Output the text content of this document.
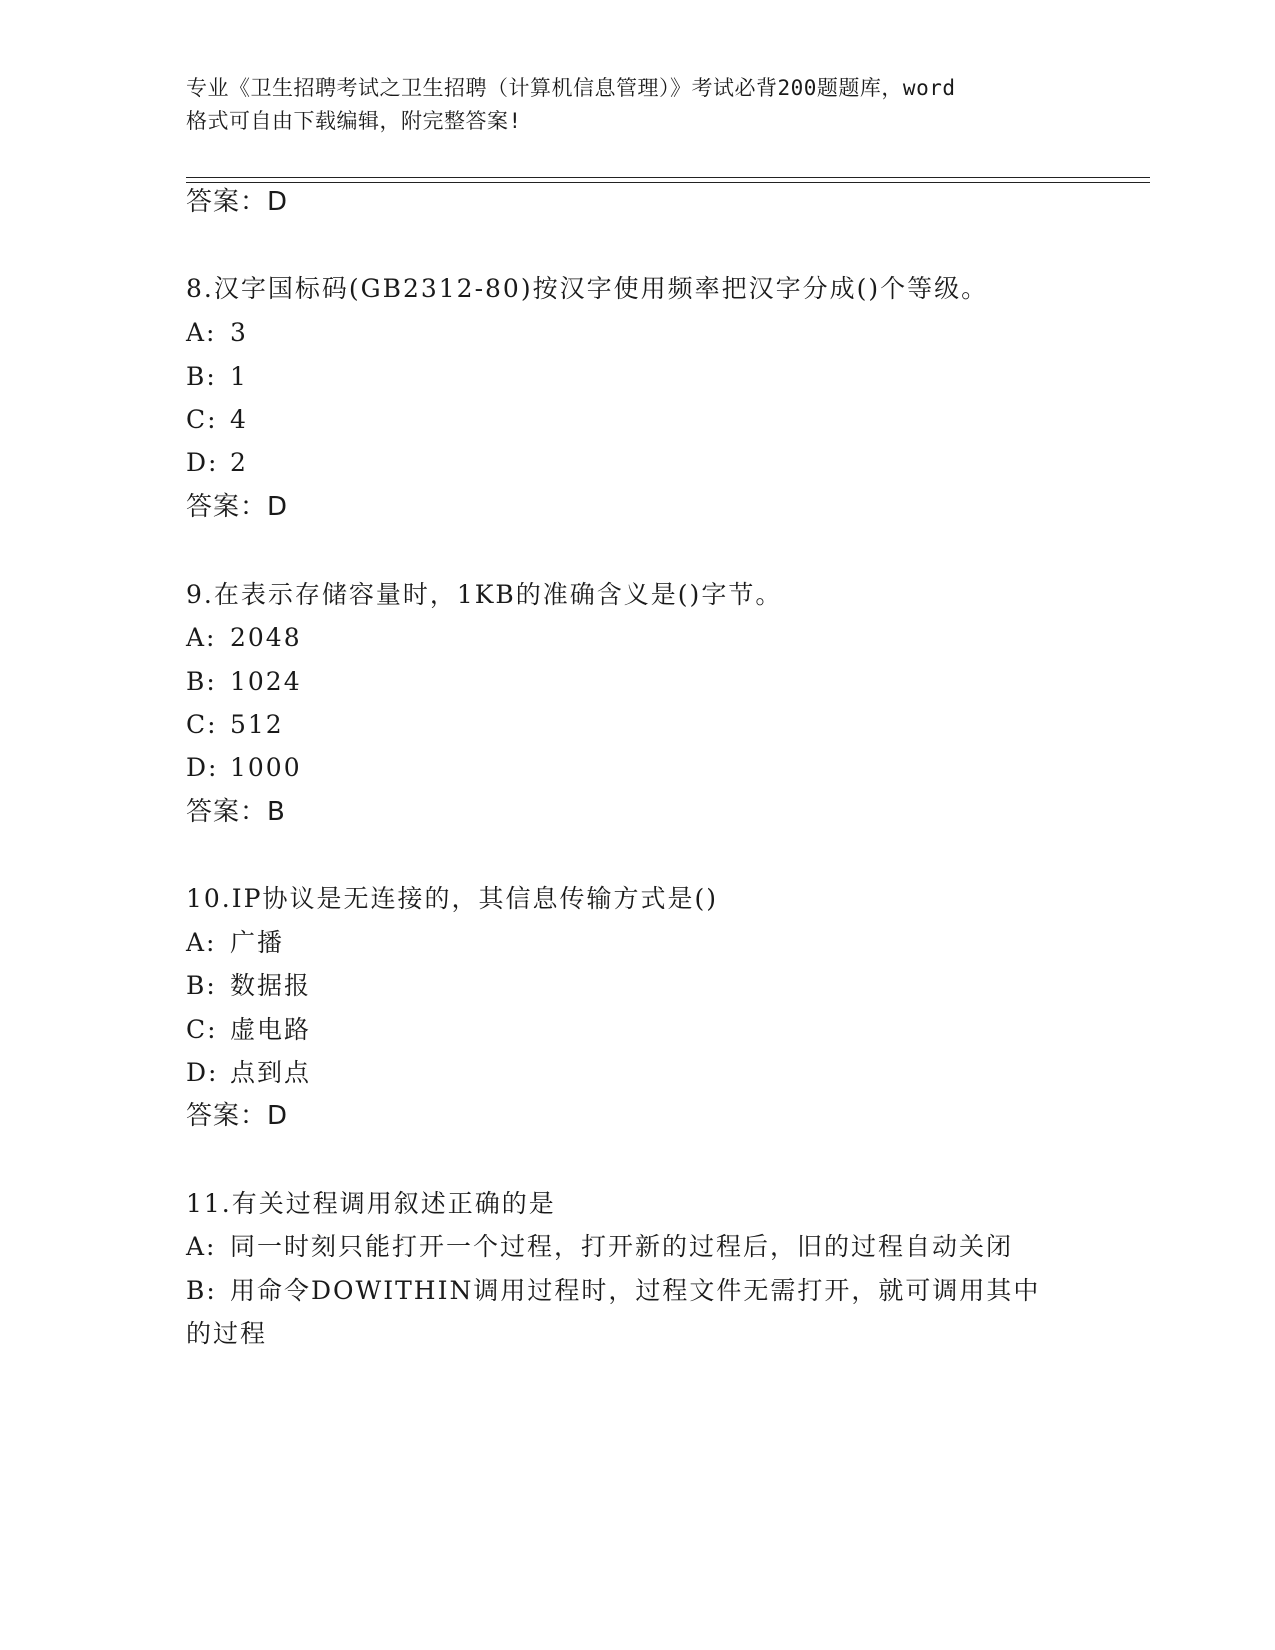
专业《卫生招聘考试之卫生招聘（计算机信息管理）》考试必背200题题库，word
格式可自由下载编辑，附完整答案!
答案：D
8.汉字国标码(GB2312-80)按汉字使用频率把汉字分成()个等级。
A: 3
B: 1
C: 4
D: 2
答案：D
9.在表示存储容量时，1KB的准确含义是()字节。
A: 2048
B: 1024
C: 512
D: 1000
答案：B
10.IP协议是无连接的，其信息传输方式是()
A: 广播
B: 数据报
C: 虚电路
D: 点到点
答案：D
11.有关过程调用叙述正确的是
A: 同一时刻只能打开一个过程，打开新的过程后，旧的过程自动关闭
B: 用命令DOWITHIN调用过程时，过程文件无需打开，就可调用其中
的过程
